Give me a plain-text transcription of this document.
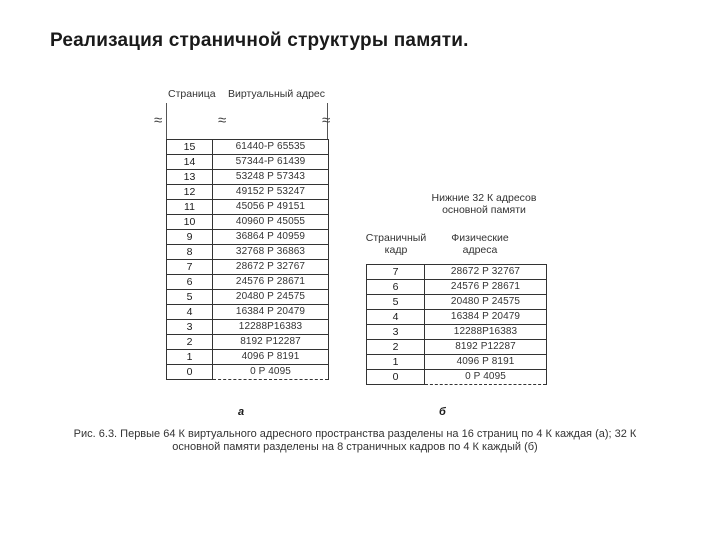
Реализация страничной структуры памяти.
Страница Виртуальный адрес
≈	≈	≈
15	61440-Р 65535
14	57344-Р 61439
13	53248 Р 57343
12	49152 Р 53247
11	45056 Р 49151
10	40960 Р 45055
9	36864 Р 40959
8	32768 Р 36863
7	28672 Р 32767
6	24576 Р 28671
5	20480 Р 24575
4	16384 Р 20479
3	12288Р16383
2	8192 Р12287
1	4096 Р 8191
0	0 Р 4095
а
Нижние 32 К адресов основной памяти
Страничный кадр
Физические адреса
7	28672 Р 32767
6	24576 Р 28671
5	20480 Р 24575
4	16384 Р 20479
3	12288Р16383
2	8192 Р12287
1	4096 Р 8191
0	0 Р 4095
б
Рис. 6.3. Первые 64 К виртуального адресного пространства разделены на 16 страниц по 4 К каждая (а); 32 К основной памяти разделены на 8 страничных кадров по 4 К каждый (б)
